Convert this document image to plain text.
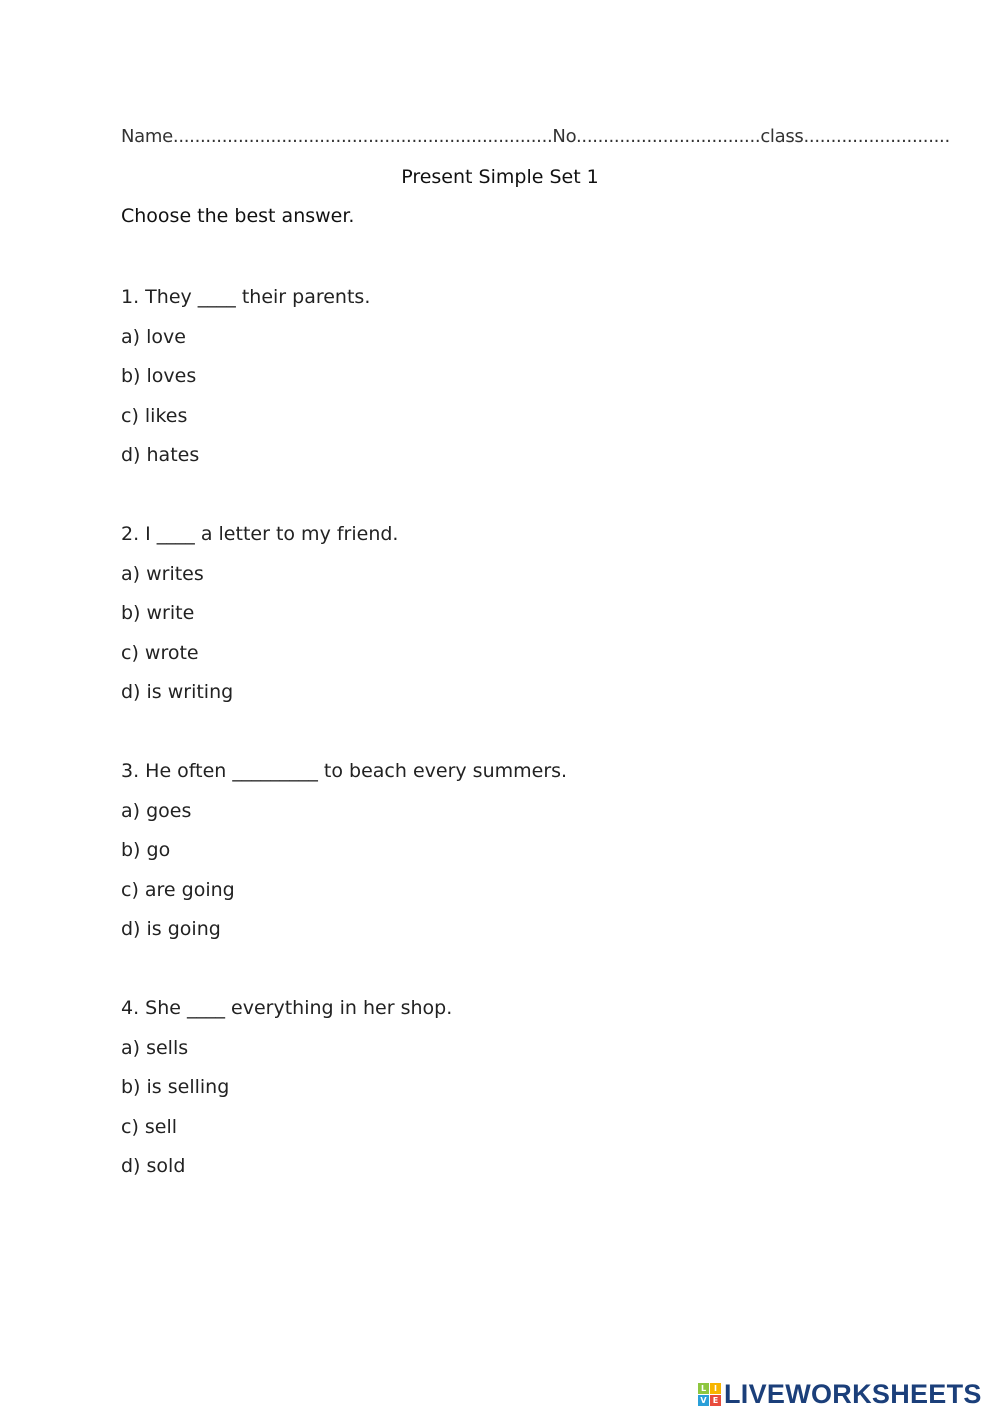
Name......................................................................No..................................class...........................
Present Simple Set 1
Choose the best answer.
1. They ____ their parents.
a) love
b) loves
c) likes
d) hates
2. I ____ a letter to my friend.
a) writes
b) write
c) wrote
d) is writing
3. He often _________ to beach every summers.
a) goes
b) go
c) are going
d) is going
4. She ____ everything in her shop.
a) sells
b) is selling
c) sell
d) sold
L I
V E LIVEWORKSHEETS
